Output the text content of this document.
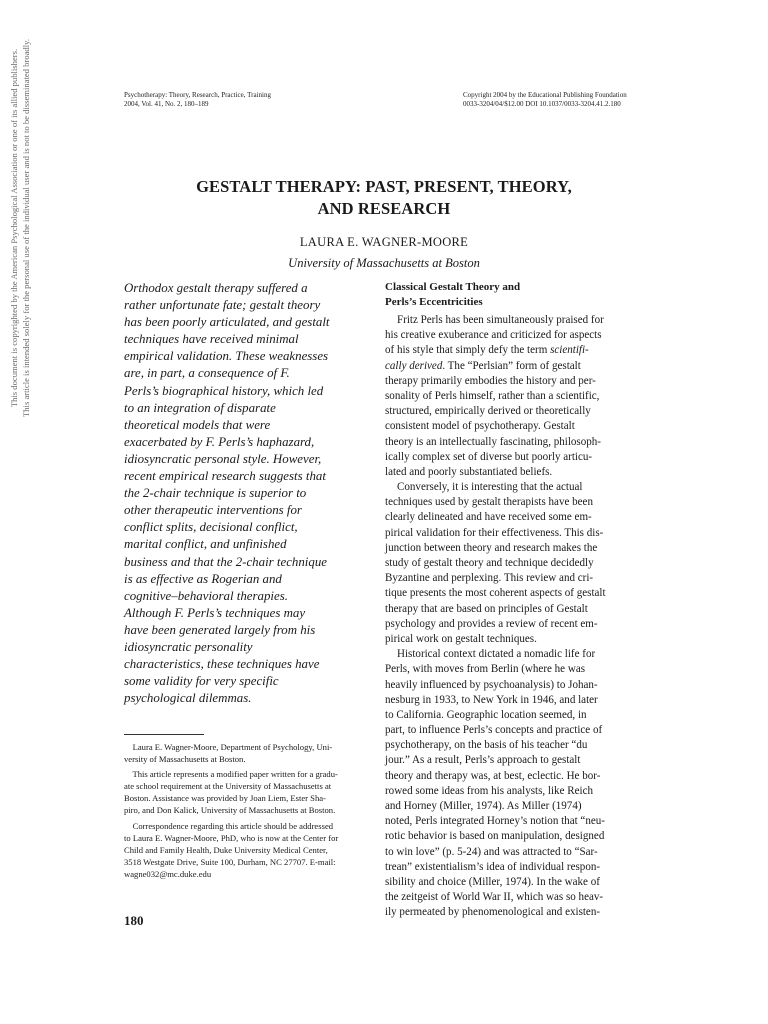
Psychotherapy: Theory, Research, Practice, Training
2004, Vol. 41, No. 2, 180–189
Copyright 2004 by the Educational Publishing Foundation
0033-3204/04/$12.00 DOI 10.1037/0033-3204.41.2.180
This document is copyrighted by the American Psychological Association or one of its allied publishers. This article is intended solely for the personal use of the individual user and is not to be disseminated broadly.	GESTALT THERAPY: PAST, PRESENT, THEORY,
AND RESEARCH
LAURA E. WAGNER-MOORE
University of Massachusetts at Boston
Orthodox gestalt therapy suffered a
rather unfortunate fate; gestalt theory
has been poorly articulated, and gestalt
techniques have received minimal
empirical validation. These weaknesses
are, in part, a consequence of F.
Perls’s biographical history, which led
to an integration of disparate
theoretical models that were
exacerbated by F. Perls’s haphazard,
idiosyncratic personal style. However,
recent empirical research suggests that
the 2-chair technique is superior to
other therapeutic interventions for
conflict splits, decisional conflict,
marital conflict, and unfinished
business and that the 2-chair technique
is as effective as Rogerian and
cognitive–behavioral therapies.
Although F. Perls’s techniques may
have been generated largely from his
idiosyncratic personality
characteristics, these techniques have
some validity for very specific
psychological dilemmas.
Laura E. Wagner-Moore, Department of Psychology, Uni-
versity of Massachusetts at Boston.
This article represents a modified paper written for a gradu-
ate school requirement at the University of Massachusetts at
Boston. Assistance was provided by Joan Liem, Ester Sha-
piro, and Don Kalick, University of Massachusetts at Boston.
Correspondence regarding this article should be addressed
to Laura E. Wagner-Moore, PhD, who is now at the Center for
Child and Family Health, Duke University Medical Center,
3518 Westgate Drive, Suite 100, Durham, NC 27707. E-mail:
wagne032@mc.duke.edu
180
Classical Gestalt Theory and
Perls’s Eccentricities
Fritz Perls has been simultaneously praised for
his creative exuberance and criticized for aspects
of his style that simply defy the term scientifi-
cally derived. The “Perlsian” form of gestalt
therapy primarily embodies the history and per-
sonality of Perls himself, rather than a scientific,
structured, empirically derived or theoretically
consistent model of psychotherapy. Gestalt
theory is an intellectually fascinating, philosoph-
ically complex set of diverse but poorly articu-
lated and poorly substantiated beliefs.
Conversely, it is interesting that the actual
techniques used by gestalt therapists have been
clearly delineated and have received some em-
pirical validation for their effectiveness. This dis-
junction between theory and research makes the
study of gestalt theory and technique decidedly
Byzantine and perplexing. This review and cri-
tique presents the most coherent aspects of gestalt
therapy that are based on principles of Gestalt
psychology and provides a review of recent em-
pirical work on gestalt techniques.
Historical context dictated a nomadic life for
Perls, with moves from Berlin (where he was
heavily influenced by psychoanalysis) to Johan-
nesburg in 1933, to New York in 1946, and later
to California. Geographic location seemed, in
part, to influence Perls’s concepts and practice of
psychotherapy, on the basis of his teacher “du
jour.” As a result, Perls’s approach to gestalt
theory and therapy was, at best, eclectic. He bor-
rowed some ideas from his analysts, like Reich
and Horney (Miller, 1974). As Miller (1974)
noted, Perls integrated Horney’s notion that “neu-
rotic behavior is based on manipulation, designed
to win love” (p. 5-24) and was attracted to “Sar-
trean” existentialism’s idea of individual respon-
sibility and choice (Miller, 1974). In the wake of
the zeitgeist of World War II, which was so heav-
ily permeated by phenomenological and existen-
